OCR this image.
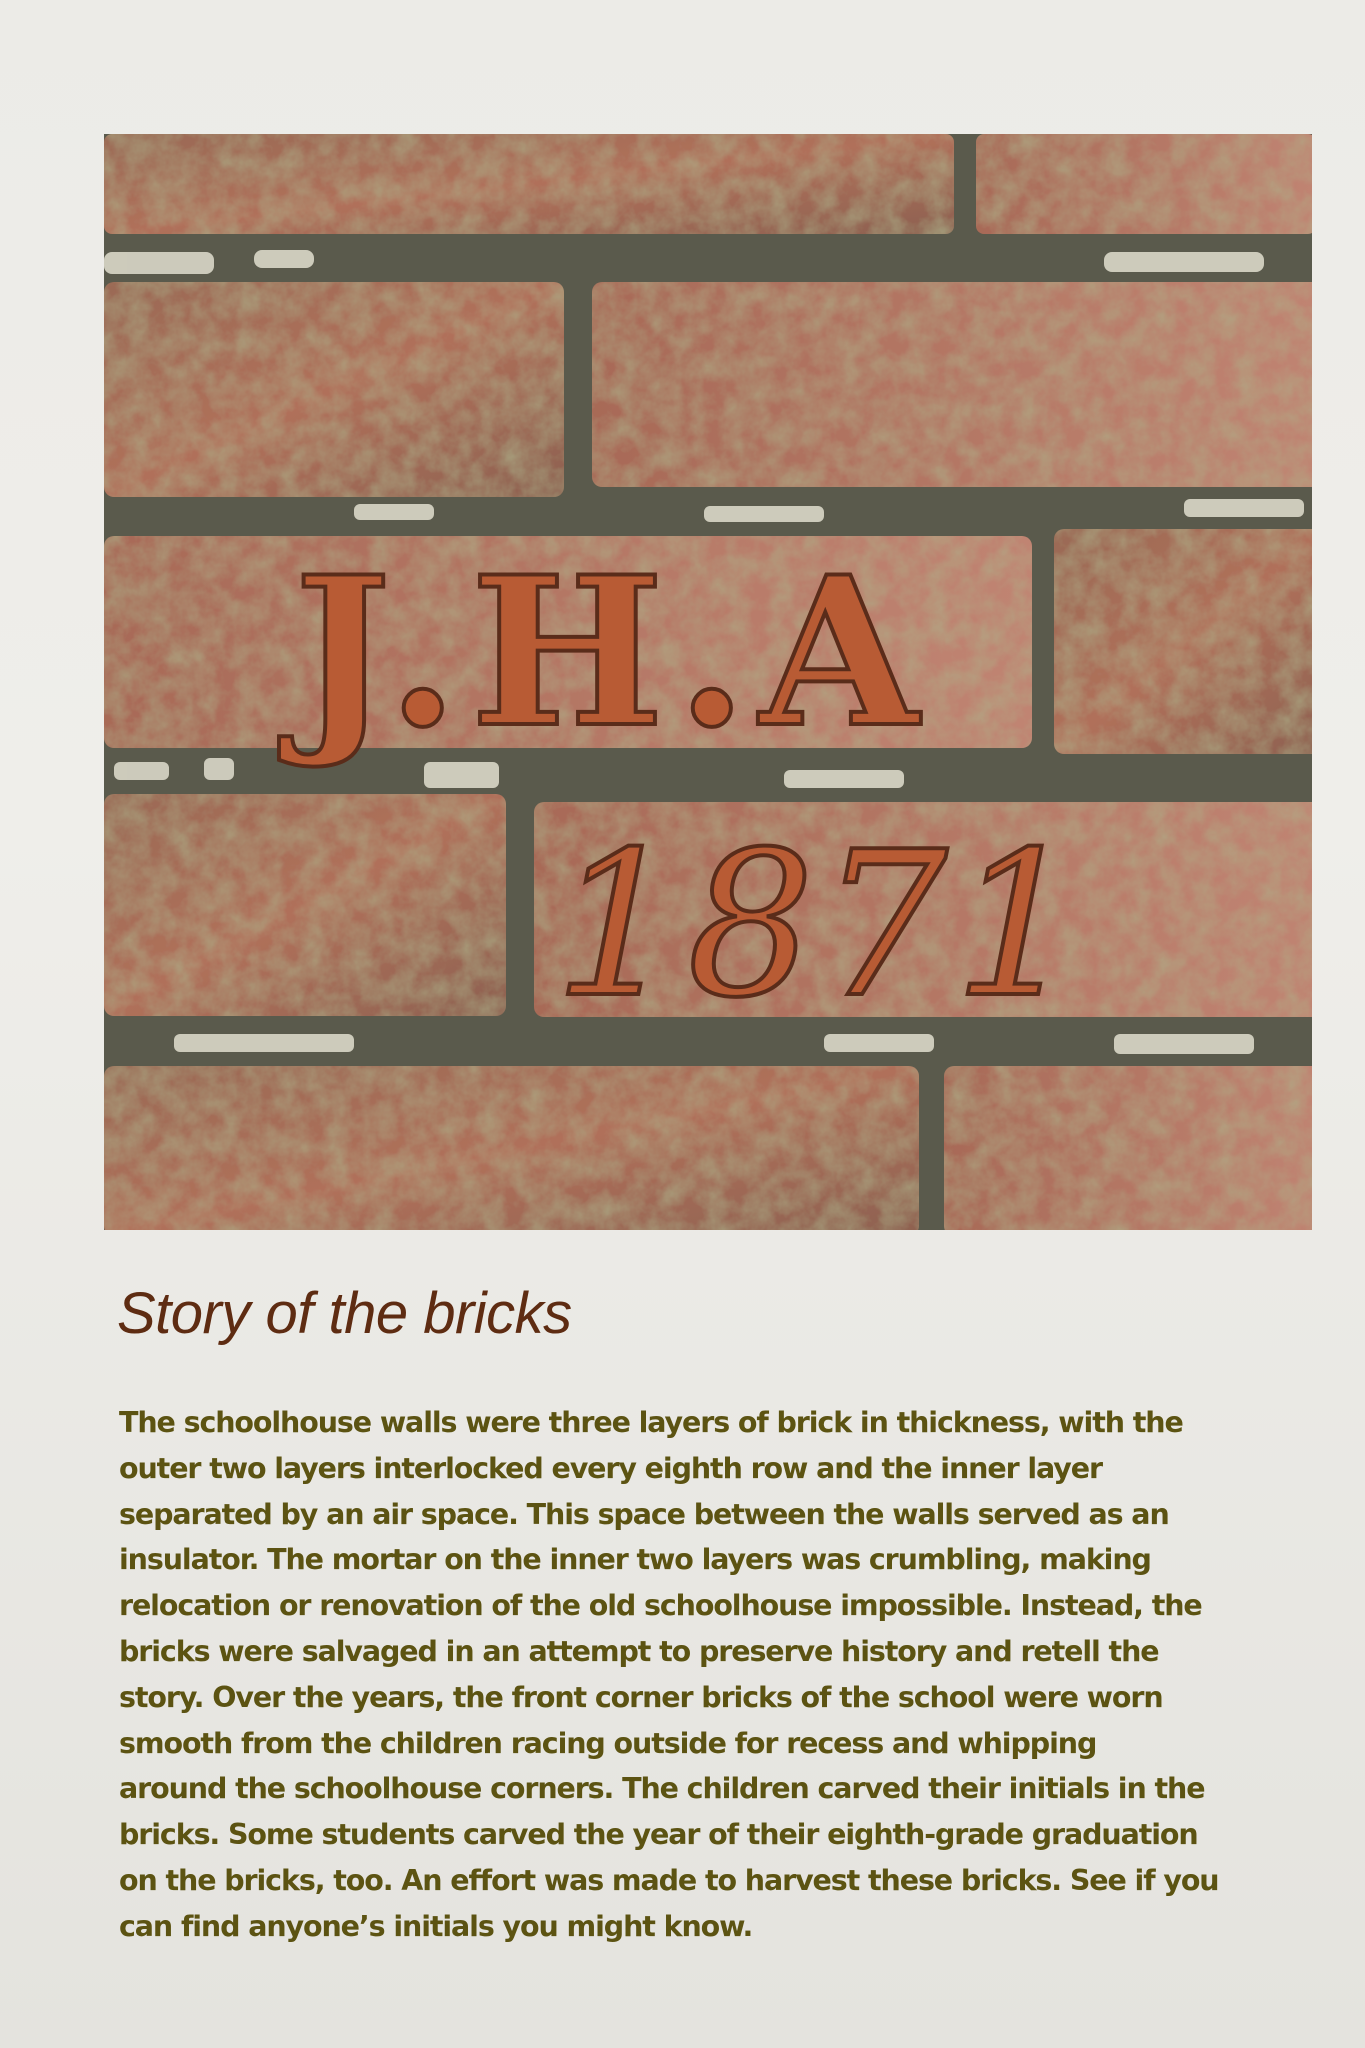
J.H.A
1871
Story of the bricks
The schoolhouse walls were three layers of brick in thickness, with the
outer two layers interlocked every eighth row and the inner layer
separated by an air space. This space between the walls served as an
insulator. The mortar on the inner two layers was crumbling, making
relocation or renovation of the old schoolhouse impossible. Instead, the
bricks were salvaged in an attempt to preserve history and retell the
story. Over the years, the front corner bricks of the school were worn
smooth from the children racing outside for recess and whipping
around the schoolhouse corners. The children carved their initials in the
bricks. Some students carved the year of their eighth-grade graduation
on the bricks, too. An effort was made to harvest these bricks. See if you
can find anyone’s initials you might know.
